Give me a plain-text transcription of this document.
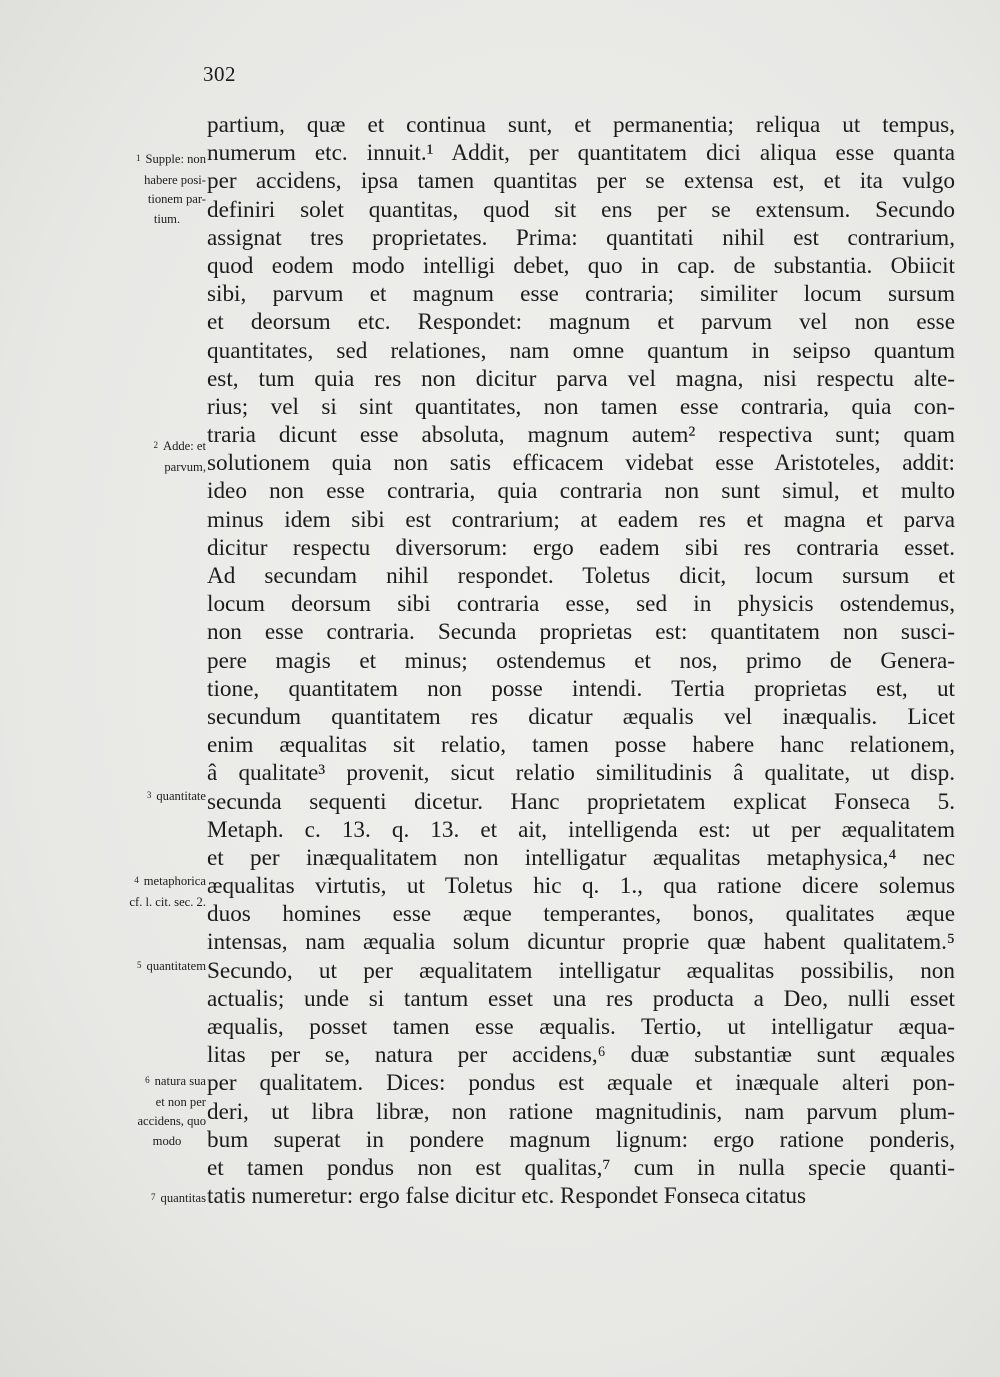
302
1 Supple: non
habere posi-
tionem par-
tium.
2 Adde: et
parvum,
3 quantitate
4 metaphorica
cf. l. cit. sec. 2.
5 quantitatem
6 natura sua
et non per
accidens, quo
modo
7 quantitas
partium, quæ et continua sunt, et permanentia; reliqua ut tempus,
numerum etc. innuit.¹ Addit, per quantitatem dici aliqua esse quanta
per accidens, ipsa tamen quantitas per se extensa est, et ita vulgo
definiri solet quantitas, quod sit ens per se extensum. Secundo
assignat tres proprietates. Prima: quantitati nihil est contrarium,
quod eodem modo intelligi debet, quo in cap. de substantia. Obiicit
sibi, parvum et magnum esse contraria; similiter locum sursum
et deorsum etc. Respondet: magnum et parvum vel non esse
quantitates, sed relationes, nam omne quantum in seipso quantum
est, tum quia res non dicitur parva vel magna, nisi respectu alte-
rius; vel si sint quantitates, non tamen esse contraria, quia con-
traria dicunt esse absoluta, magnum autem² respectiva sunt; quam
solutionem quia non satis efficacem videbat esse Aristoteles, addit:
ideo non esse contraria, quia contraria non sunt simul, et multo
minus idem sibi est contrarium; at eadem res et magna et parva
dicitur respectu diversorum: ergo eadem sibi res contraria esset.
Ad secundam nihil respondet. Toletus dicit, locum sursum et
locum deorsum sibi contraria esse, sed in physicis ostendemus,
non esse contraria. Secunda proprietas est: quantitatem non susci-
pere magis et minus; ostendemus et nos, primo de Genera-
tione, quantitatem non posse intendi. Tertia proprietas est, ut
secundum quantitatem res dicatur æqualis vel inæqualis. Licet
enim æqualitas sit relatio, tamen posse habere hanc relationem,
â qualitate³ provenit, sicut relatio similitudinis â qualitate, ut disp.
secunda sequenti dicetur. Hanc proprietatem explicat Fonseca 5.
Metaph. c. 13. q. 13. et ait, intelligenda est: ut per æqualitatem
et per inæqualitatem non intelligatur æqualitas metaphysica,⁴ nec
æqualitas virtutis, ut Toletus hic q. 1., qua ratione dicere solemus
duos homines esse æque temperantes, bonos, qualitates æque
intensas, nam æqualia solum dicuntur proprie quæ habent qualitatem.⁵
Secundo, ut per æqualitatem intelligatur æqualitas possibilis, non
actualis; unde si tantum esset una res producta a Deo, nulli esset
æqualis, posset tamen esse æqualis. Tertio, ut intelligatur æqua-
litas per se, natura per accidens,⁶ duæ substantiæ sunt æquales
per qualitatem. Dices: pondus est æquale et inæquale alteri pon-
deri, ut libra libræ, non ratione magnitudinis, nam parvum plum-
bum superat in pondere magnum lignum: ergo ratione ponderis,
et tamen pondus non est qualitas,⁷ cum in nulla specie quanti-
tatis numeretur: ergo false dicitur etc. Respondet Fonseca citatus
